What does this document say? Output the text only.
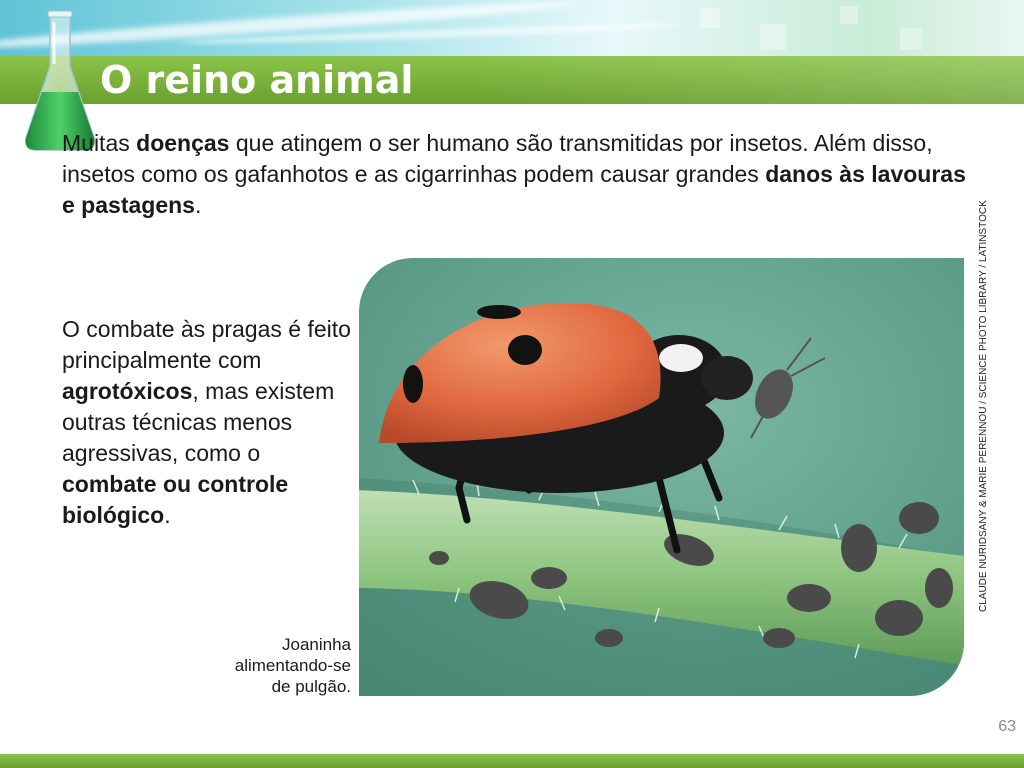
O reino animal
Muitas doenças que atingem o ser humano são transmitidas por insetos. Além disso, insetos como os gafanhotos e as cigarrinhas podem causar grandes danos às lavouras e pastagens.
O combate às pragas é feito principalmente com agrotóxicos, mas existem outras técnicas menos agressivas, como o combate ou controle biológico.	CLAUDE NURIDSANY & MARIE PERENNOU / SCIENCE PHOTO LIBRARY / LATINSTOCK
Joaninha
alimentando-se
de pulgão.
63
